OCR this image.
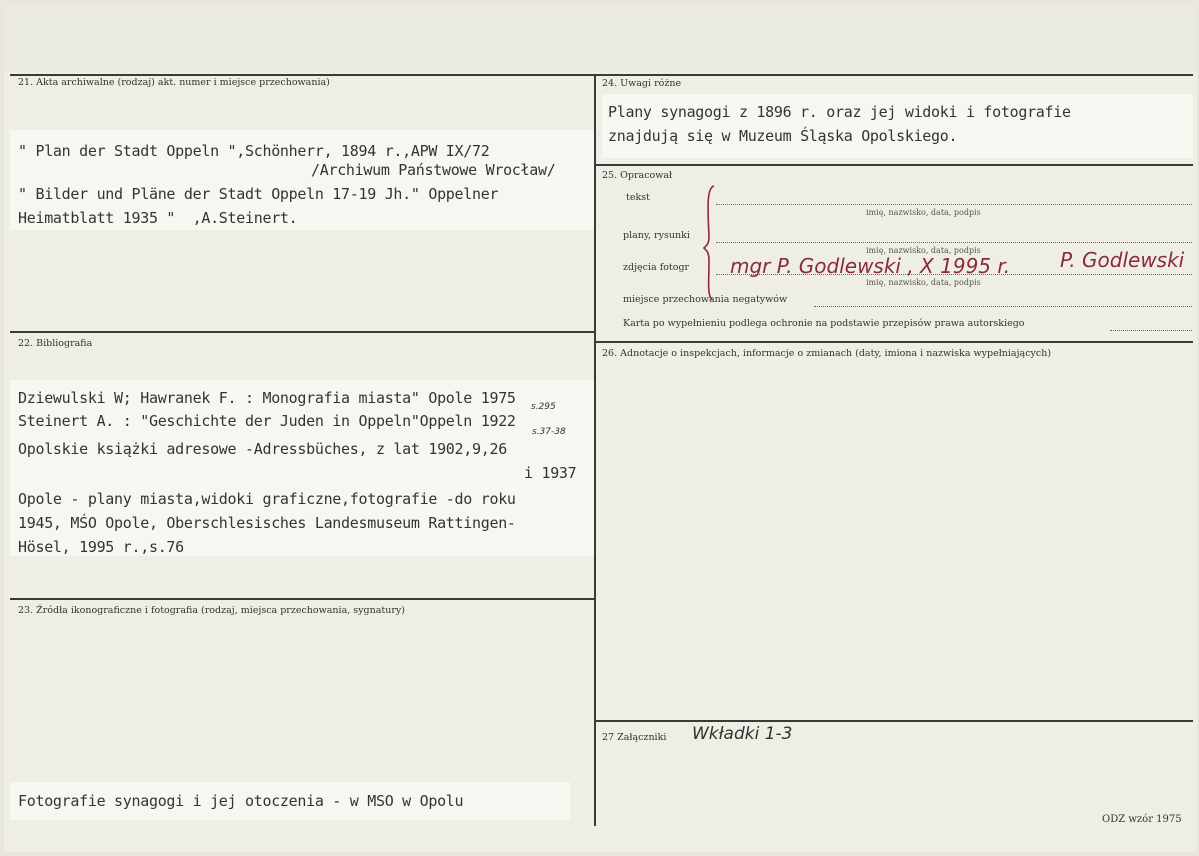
21. Akta archiwalne (rodzaj) akt. numer i miejsce przechowania)
" Plan der Stadt Oppeln ",Schönherr, 1894 r.,APW IX/72
/Archiwum Państwowe Wrocław/
" Bilder und Pläne der Stadt Oppeln 17-19 Jh." Oppelner
Heimatblatt 1935 "  ,A.Steinert.
22. Bibliografia
Dziewulski W; Hawranek F. : Monografia miasta" Opole 1975 s.295
Steinert A. : "Geschichte der Juden in Oppeln"Oppeln 1922
s.37-38
Opolskie książki adresowe -Adressbüches, z lat 1902,9,26
i 1937
Opole - plany miasta,widoki graficzne,fotografie -do roku
1945, MŚO Opole, Oberschlesisches Landesmuseum Rattingen-
Hösel, 1995 r.,s.76
23. Źródła ikonograficzne i fotografia (rodzaj, miejsca przechowania, sygnatury)
Fotografie synagogi i jej otoczenia - w MSO w Opolu
24. Uwagi różne
Plany synagogi z 1896 r. oraz jej widoki i fotografie
znajdują się w Muzeum Śląska Opolskiego.
25. Opracował
tekst
imię, nazwisko, data, podpis
plany, rysunki
imię, nazwisko, data, podpis
zdjęcia fotogr
imię, nazwisko, data, podpis
miejsce przechowania negatywów
Karta po wypełnieniu podlega ochronie na podstawie przepisów prawa autorskiego
mgr P. Godlewski , X 1995 r. P. Godlewski
26. Adnotacje o inspekcjach, informacje o zmianach (daty, imiona i nazwiska wypełniających)
27 Załączniki Wkładki 1-3
ODZ wzór 1975
